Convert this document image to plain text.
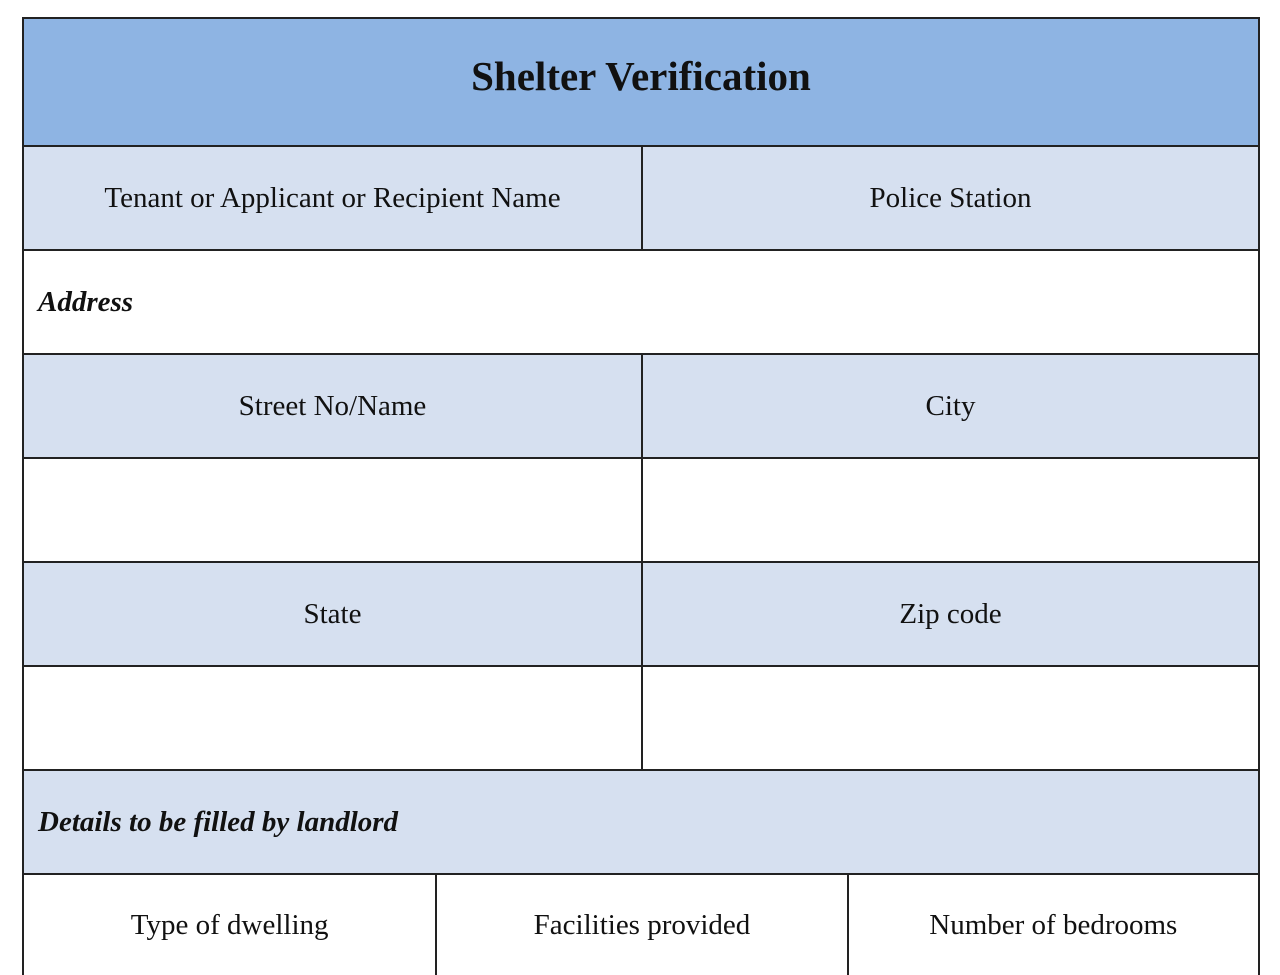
Shelter Verification
Tenant or Applicant or Recipient Name	Police Station
Address
Street No/Name	City
State	Zip code
Details to be filled by landlord
Type of dwelling	Facilities provided	Number of bedrooms
